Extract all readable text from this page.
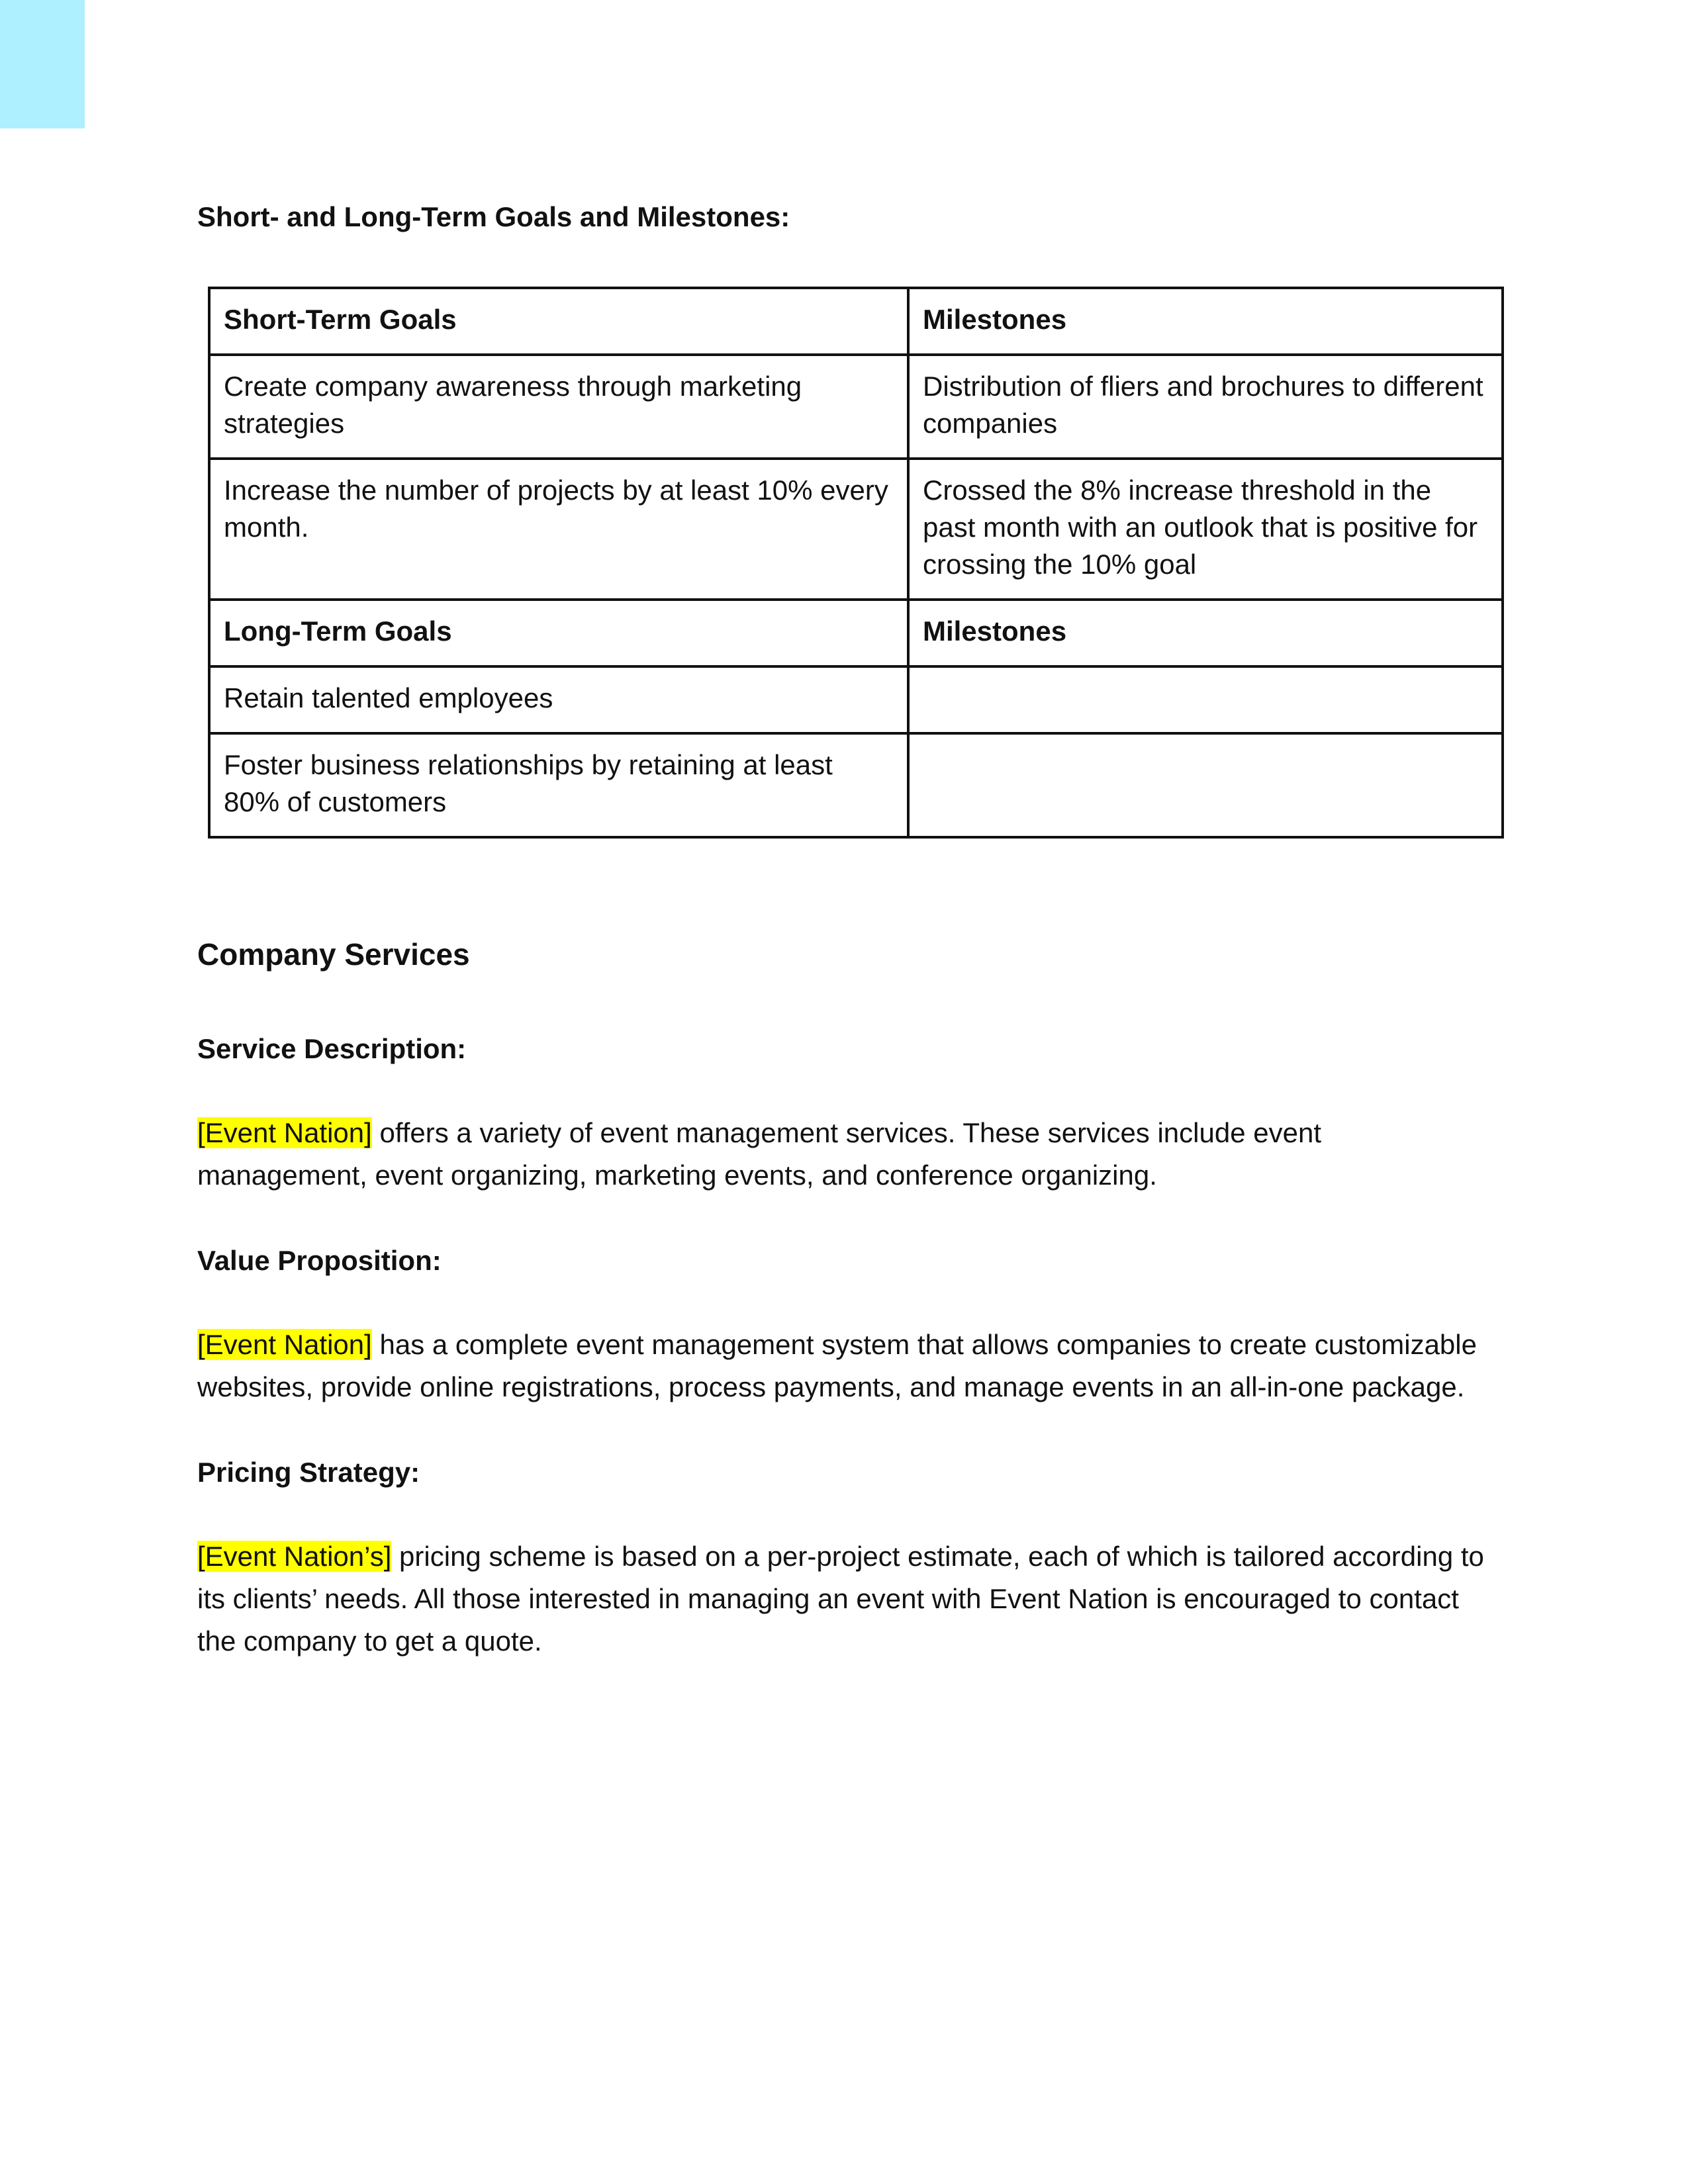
Short- and Long-Term Goals and Milestones:
Short-Term Goals	Milestones
Create company awareness through marketing strategies	Distribution of fliers and brochures to different companies
Increase the number of projects by at least 10% every month.	Crossed the 8% increase threshold in the past month with an outlook that is positive for crossing the 10% goal
Long-Term Goals	Milestones
Retain talented employees	
Foster business relationships by retaining at least 80% of customers	
Company Services
Service Description:
[Event Nation] offers a variety of event management services. These services include event management, event organizing, marketing events, and conference organizing.
Value Proposition:
[Event Nation] has a complete event management system that allows companies to create customizable websites, provide online registrations, process payments, and manage events in an all-in-one package.
Pricing Strategy:
[Event Nation’s] pricing scheme is based on a per-project estimate, each of which is tailored according to its clients’ needs. All those interested in managing an event with Event Nation is encouraged to contact the company to get a quote.
